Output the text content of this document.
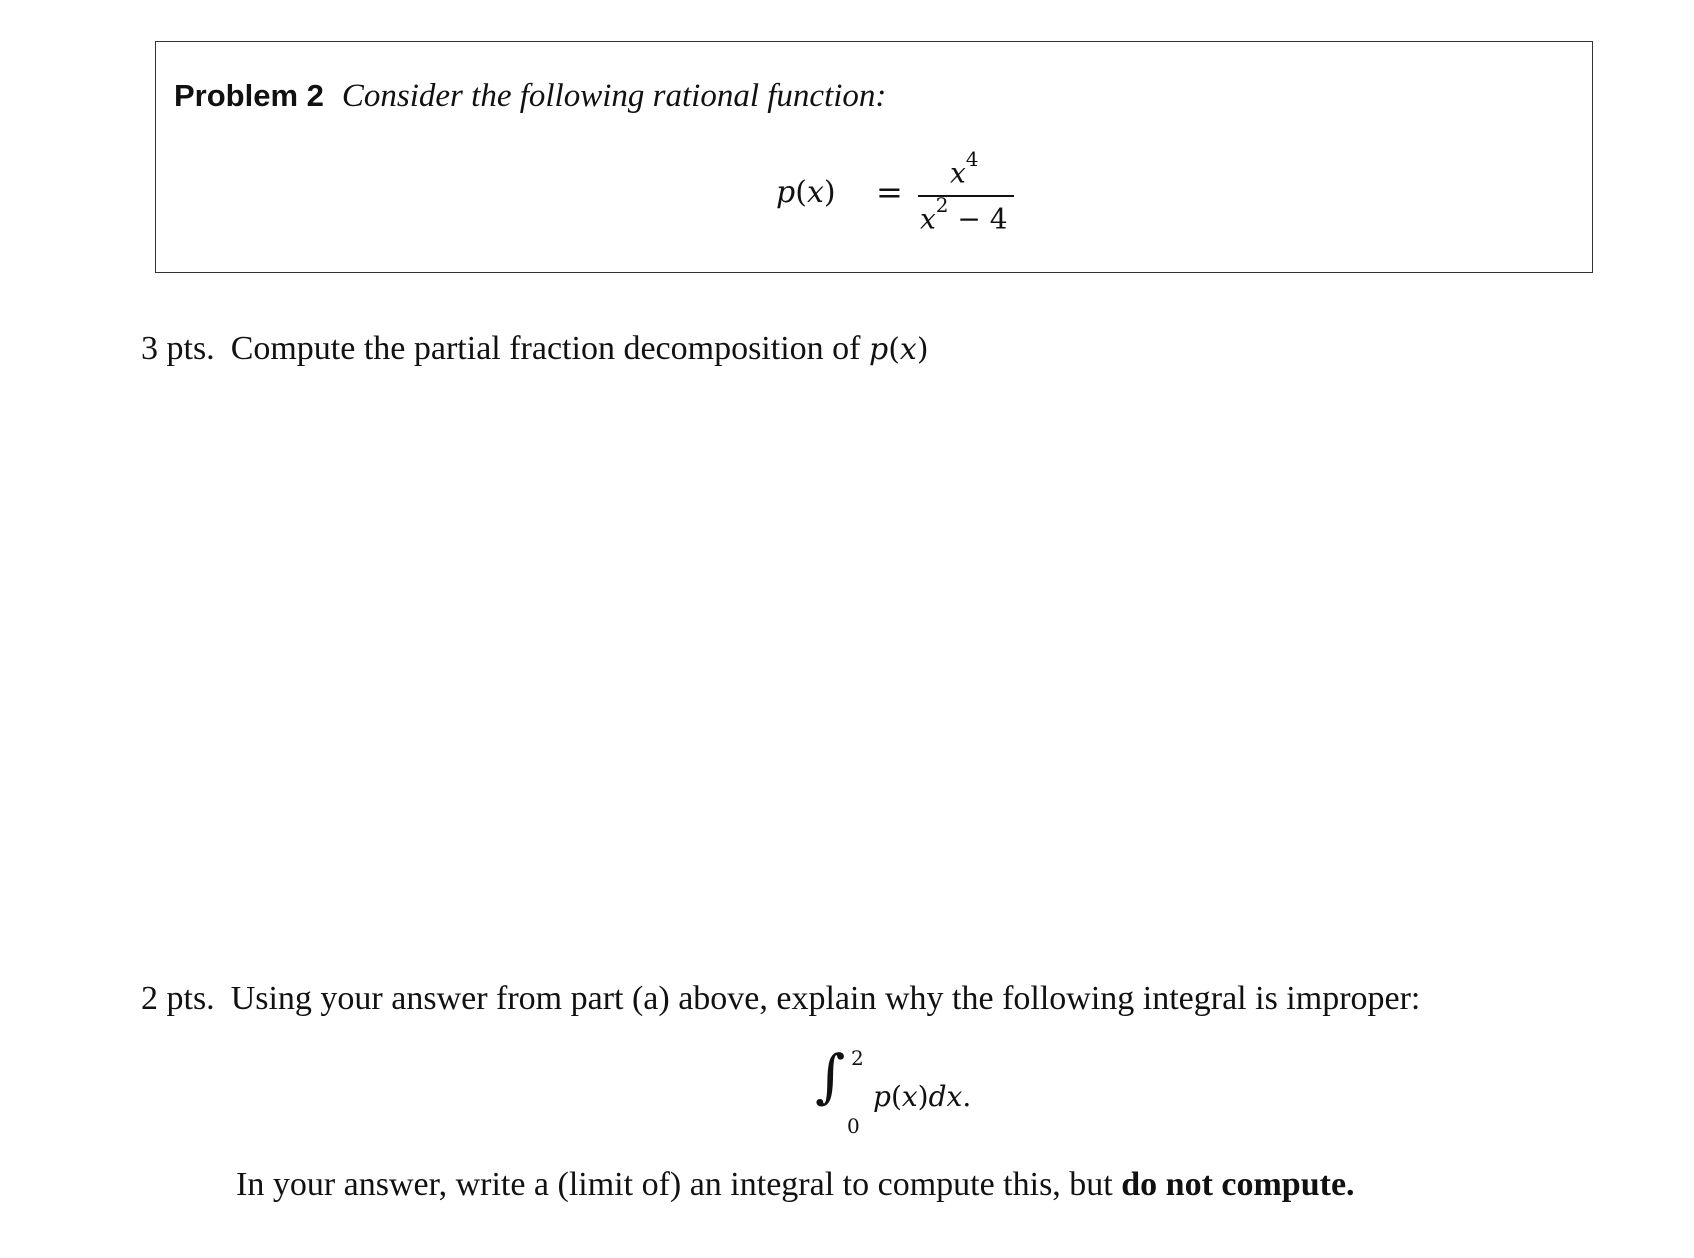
Problem 2 Consider the following rational function:
p(x) =
$x^4$
$x^2 - 4$
3 pts. Compute the partial fraction decomposition of p(x)
2 pts. Using your answer from part (a) above, explain why the following integral is improper:
∫ 2
0
p(x)dx.
In your answer, write a (limit of) an integral to compute this, but do not compute.
